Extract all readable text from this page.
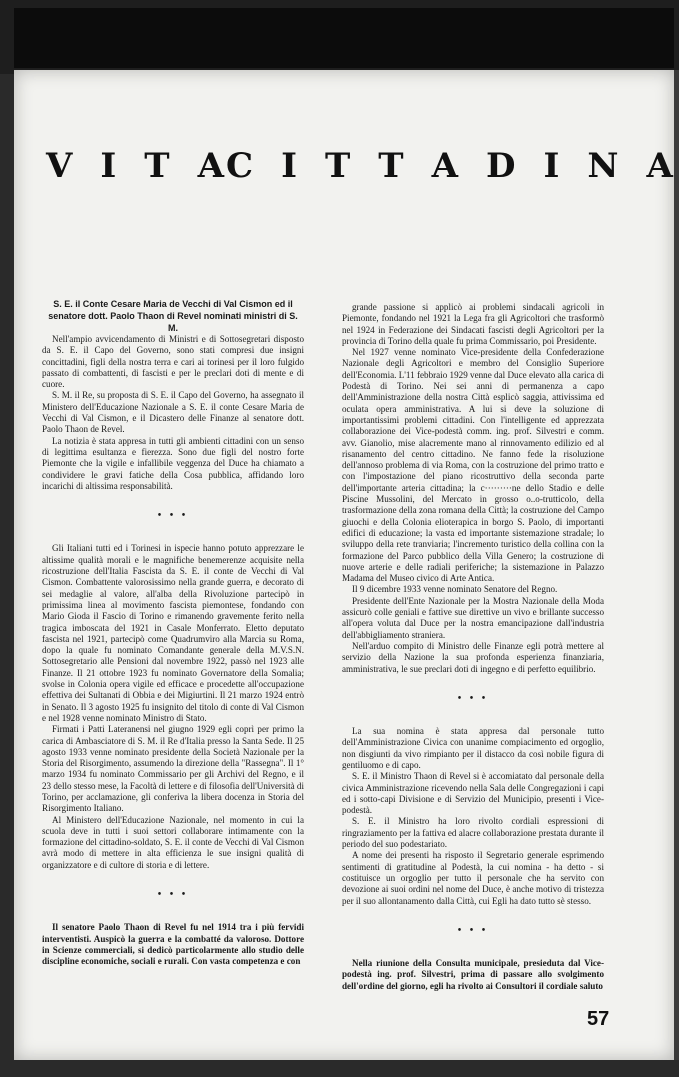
V I T A C I T T A D I N A

S. E. il Conte Cesare Maria de Vecchi di Val Cismon ed il senatore dott. Paolo Thaon di Revel nominati ministri di S. M.

Nell'ampio avvicendamento di Ministri e di Sottosegretari disposto da S. E. il Capo del Governo, sono stati compresi due insigni concittadini, figli della nostra terra e cari ai torinesi per il loro fulgido passato di combattenti, di fascisti e per le preclari doti di mente e di cuore.

S. M. il Re, su proposta di S. E. il Capo del Governo, ha assegnato il Ministero dell'Educazione Nazionale a S. E. il conte Cesare Maria de Vecchi di Val Cismon, e il Dicastero delle Finanze al senatore dott. Paolo Thaon de Revel.

La notizia è stata appresa in tutti gli ambienti cittadini con un senso di legittima esultanza e fierezza. Sono due figli del nostro forte Piemonte che la vigile e infallibile veggenza del Duce ha chiamato a condividere le gravi fatiche della Cosa pubblica, affidando loro incarichi di altissima responsabilità.

• • •

Gli Italiani tutti ed i Torinesi in ispecie hanno potuto apprezzare le altissime qualità morali e le magnifiche benemerenze acquisite nella ricostruzione dell'Italia Fascista da S. E. il conte de Vecchi di Val Cismon. Combattente valorosissimo nella grande guerra, e decorato di sei medaglie al valore, all'alba della Rivoluzione partecipò in primissima linea al movimento fascista piemontese, fondando con Mario Gioda il Fascio di Torino e rimanendo gravemente ferito nella tragica imboscata del 1921 in Casale Monferrato. Eletto deputato fascista nel 1921, partecipò come Quadrumviro alla Marcia su Roma, dopo la quale fu nominato Comandante generale della M.V.S.N. Sottosegretario alle Pensioni dal novembre 1922, passò nel 1923 alle Finanze. Il 21 ottobre 1923 fu nominato Governatore della Somalia; svolse in Colonia opera vigile ed efficace e procedette all'occupazione effettiva dei Sultanati di Obbia e dei Migiurtini. Il 21 marzo 1924 entrò in Senato. Il 3 agosto 1925 fu insignito del titolo di conte di Val Cismon e nel 1928 venne nominato Ministro di Stato.

Firmati i Patti Lateranensi nel giugno 1929 egli coprì per primo la carica di Ambasciatore di S. M. il Re d'Italia presso la Santa Sede. Il 25 agosto 1933 venne nominato presidente della Società Nazionale per la Storia del Risorgimento, assumendo la direzione della "Rassegna". Il 1° marzo 1934 fu nominato Commissario per gli Archivi del Regno, e il 23 dello stesso mese, la Facoltà di lettere e di filosofia dell'Università di Torino, per acclamazione, gli conferiva la libera docenza in Storia del Risorgimento Italiano.

Al Ministero dell'Educazione Nazionale, nel momento in cui la scuola deve in tutti i suoi settori collaborare intimamente con la formazione del cittadino-soldato, S. E. il conte de Vecchi di Val Cismon avrà modo di mettere in alta efficienza le sue insigni qualità di organizzatore e di cultore di storia e di lettere.

• • •

Il senatore Paolo Thaon di Revel fu nel 1914 tra i più fervidi interventisti. Auspicò la guerra e la combatté da valoroso. Dottore in Scienze commerciali, si dedicò particolarmente allo studio delle discipline economiche, sociali e rurali. Con vasta competenza e con

grande passione si applicò ai problemi sindacali agricoli in Piemonte, fondando nel 1921 la Lega fra gli Agricoltori che trasformò nel 1924 in Federazione dei Sindacati fascisti degli Agricoltori per la provincia di Torino della quale fu prima Commissario, poi Presidente.

Nel 1927 venne nominato Vice-presidente della Confederazione Nazionale degli Agricoltori e membro del Consiglio Superiore dell'Economia. L'11 febbraio 1929 venne dal Duce elevato alla carica di Podestà di Torino. Nei sei anni di permanenza a capo dell'Amministrazione della nostra Città esplicò saggia, attivissima ed oculata opera amministrativa. A lui si deve la soluzione di importantissimi problemi cittadini. Con l'intelligente ed apprezzata collaborazione dei Vice-podestà comm. ing. prof. Silvestri e comm. avv. Gianolio, mise alacremente mano al rinnovamento edilizio ed al risanamento del centro cittadino. Ne fanno fede la risoluzione dell'annoso problema di via Roma, con la costruzione del primo tratto e con l'impostazione del piano ricostruttivo della seconda parte dell'importante arteria cittadina; la c·········ne dello Stadio e delle Piscine Mussolini, del Mercato in grosso o..o-trutticolo, della trasformazione della zona romana della Città; la costruzione del Campo giuochi e della Colonia elioterapica in borgo S. Paolo, di importanti edifici di educazione; la vasta ed importante sistemazione stradale; lo sviluppo della rete tranviaria; l'incremento turistico della collina con la formazione del Parco pubblico della Villa Genero; la costruzione di nuove arterie e delle radiali periferiche; la sistemazione in Palazzo Madama del Museo civico di Arte Antica.

Il 9 dicembre 1933 venne nominato Senatore del Regno.

Presidente dell'Ente Nazionale per la Mostra Nazionale della Moda assicurò colle geniali e fattive sue direttive un vivo e brillante successo all'opera voluta dal Duce per la nostra emancipazione dall'industria dell'abbigliamento straniera.

Nell'arduo compito di Ministro delle Finanze egli potrà mettere al servizio della Nazione la sua profonda esperienza finanziaria, amministrativa, le sue preclari doti di ingegno e di perfetto equilibrio.

• • •

La sua nomina è stata appresa dal personale tutto dell'Amministrazione Civica con unanime compiacimento ed orgoglio, non disgiunti da vivo rimpianto per il distacco da così nobile figura di gentiluomo e di capo.

S. E. il Ministro Thaon di Revel si è accomiatato dal personale della civica Amministrazione ricevendo nella Sala delle Congregazioni i capi ed i sotto-capi Divisione e di Servizio del Municipio, presenti i Vice-podestà.

S. E. il Ministro ha loro rivolto cordiali espressioni di ringraziamento per la fattiva ed alacre collaborazione prestata durante il periodo del suo podestariato.

A nome dei presenti ha risposto il Segretario generale esprimendo sentimenti di gratitudine al Podestà, la cui nomina - ha detto - si costituisce un orgoglio per tutto il personale che ha servito con devozione ai suoi ordini nel nome del Duce, è anche motivo di tristezza per il suo allontanamento dalla Città, cui Egli ha dato tutto sè stesso.

• • •

Nella riunione della Consulta municipale, presieduta dal Vice-podestà ing. prof. Silvestri, prima di passare allo svolgimento dell'ordine del giorno, egli ha rivolto ai Consultori il cordiale saluto

57
